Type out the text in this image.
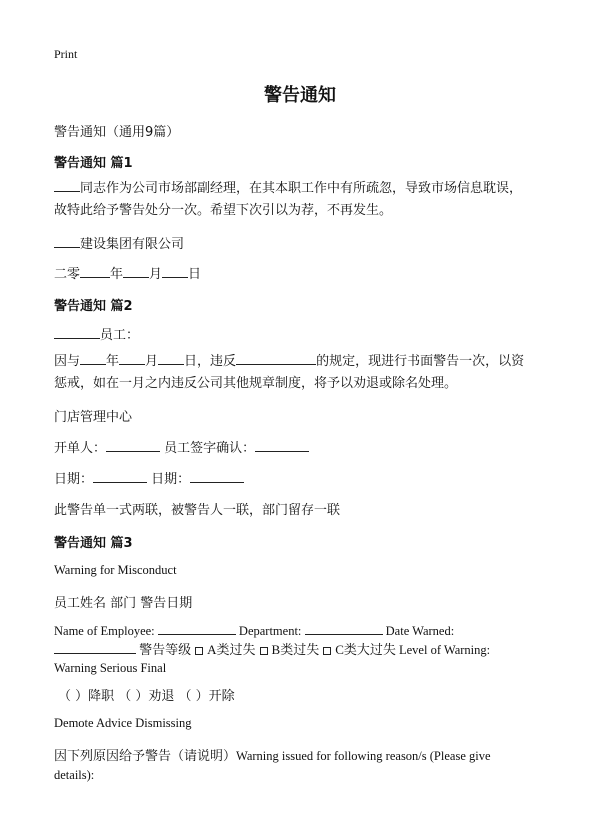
Print
警告通知
警告通知（通用9篇）
警告通知 篇1
同志作为公司市场部副经理，在其本职工作中有所疏忽，导致市场信息耽误，
故特此给予警告处分一次。希望下次引以为荐，不再发生。
建设集团有限公司
二零 年 月 日
警告通知 篇2
员工：
因与 年 月 日，违反	的规定，现进行书面警告一次，以资
惩戒，如在一月之内违反公司其他规章制度，将予以劝退或除名处理。
门店管理中心
开单人：	员工签字确认：
日期：	日期：
此警告单一式两联，被警告人一联，部门留存一联
警告通知 篇3
Warning for Misconduct
员工姓名 部门 警告日期
Name of Employee:	Department:	Date Warned:
警告等级 A类过失 B类过失 C类大过失 Level of Warning:
Warning Serious Final
（ ）降职 （ ）劝退 （ ）开除
Demote Advice Dismissing
因下列原因给予警告（请说明）Warning issued for following reason/s (Please give
details):
